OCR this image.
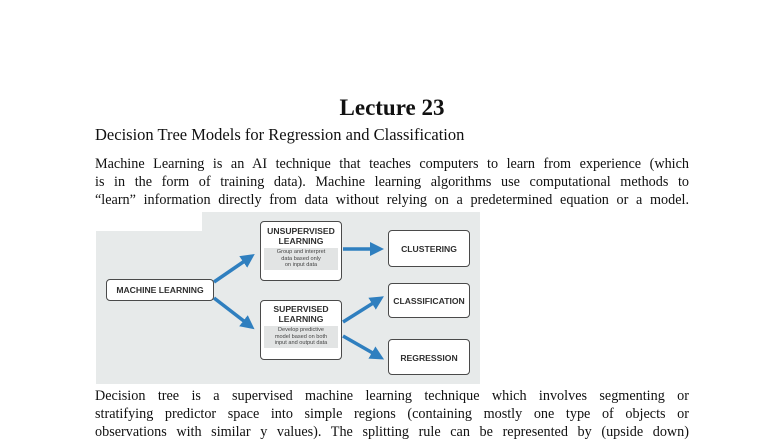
Lecture 23
Decision Tree Models for Regression and Classification

Machine Learning is an AI technique that teaches computers to learn from experience (which
is in the form of training data). Machine learning algorithms use computational methods to
“learn” information directly from data without relying on a predetermined equation or a model.

MACHINE LEARNING
UNSUPERVISED
LEARNING
Group and interpret
data based only
on input data
SUPERVISED
LEARNING
Develop predictive
model based on both
input and output data
CLUSTERING
CLASSIFICATION
REGRESSION

Decision tree is a supervised machine learning technique which involves segmenting or
stratifying predictor space into simple regions (containing mostly one type of objects or
observations with similar y values). The splitting rule can be represented by (upside down)
